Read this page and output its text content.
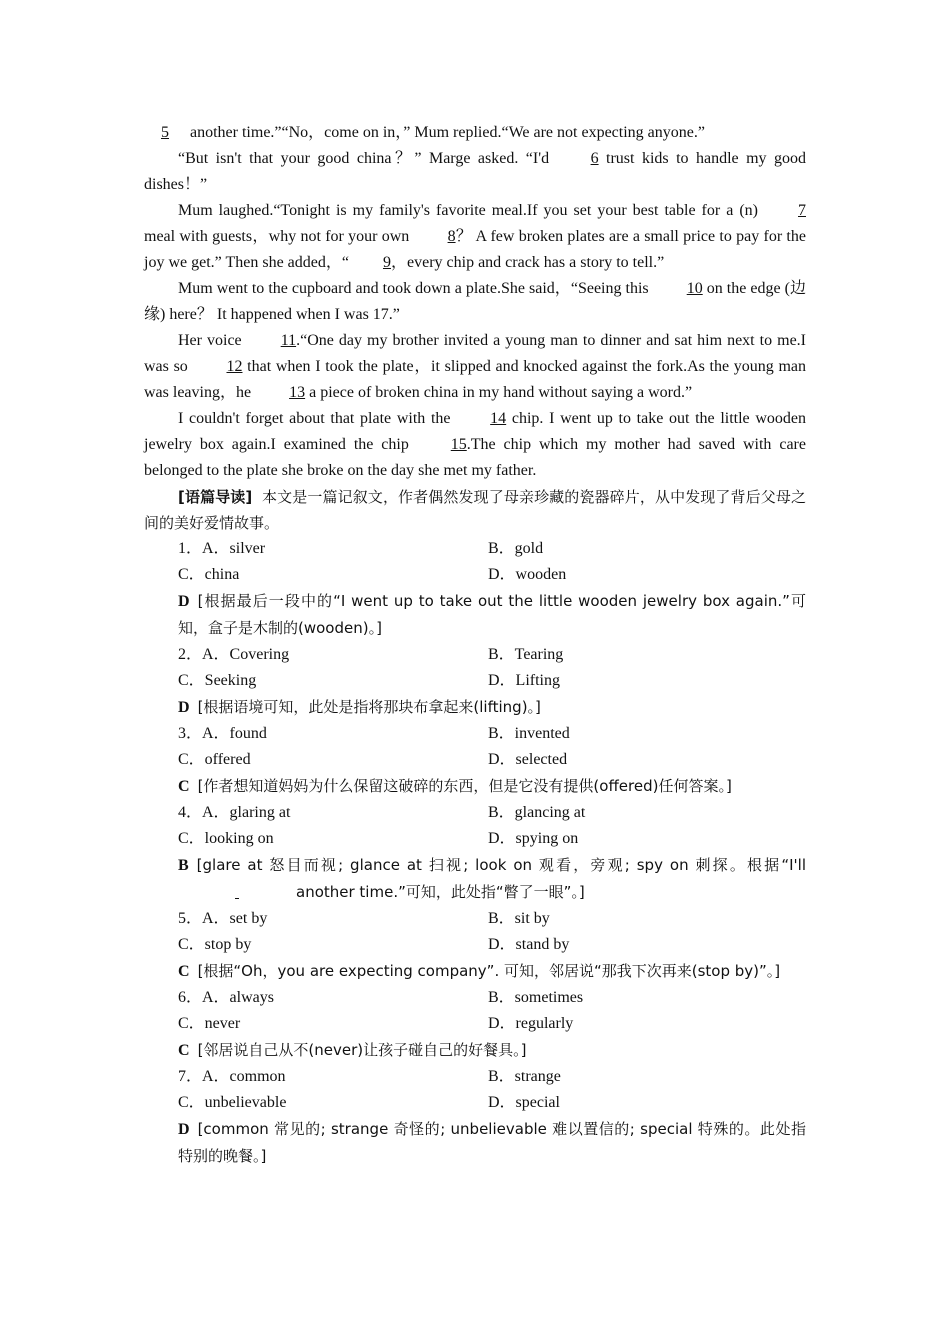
5 another time.”“No，come on in，” Mum replied.“We are not expecting anyone.”

“But isn't that your good china？” Marge asked. “I'd 6 trust kids to handle my good dishes！”

Mum laughed.“Tonight is my family's favorite meal.If you set your best table for a (n) 7 meal with guests，why not for your own 8？ A few broken plates are a small price to pay for the joy we get.” Then she added，“ 9，every chip and crack has a story to tell.”

Mum went to the cupboard and took down a plate.She said，“Seeing this 10 on the edge (边缘) here？ It happened when I was 17.”

Her voice 11.“One day my brother invited a young man to dinner and sat him next to me.I was so 12 that when I took the plate，it slipped and knocked against the fork.As the young man was leaving，he 13 a piece of broken china in my hand without saying a word.”

I couldn't forget about that plate with the 14 chip. I went up to take out the little wooden jewelry box again.I examined the chip 15.The chip which my mother had saved with care belonged to the plate she broke on the day she met my father.

[语篇导读] 本文是一篇记叙文，作者偶然发现了母亲珍藏的瓷器碎片，从中发现了背后父母之间的美好爱情故事。

1．A．silver	B．gold
C．china	D．wooden

D [根据最后一段中的“I went up to take out the little wooden jewelry box again.”可知，盒子是木制的(wooden)。]

2．A．Covering	B．Tearing
C．Seeking	D．Lifting

D [根据语境可知，此处是指将那块布拿起来(lifting)。]

3．A．found	B．invented
C．offered	D．selected

C [作者想知道妈妈为什么保留这破碎的东西，但是它没有提供(offered)任何答案。]

4．A．glaring at	B．glancing at
C．looking on	D．spying on

B [glare at 怒目而视; glance at 扫视; look on 观看，旁观; spy on 刺探。根据“I'll  another time.”可知，此处指“瞥了一眼”。]

5．A．set by	B．sit by
C．stop by	D．stand by

C [根据“Oh，you are expecting company”. 可知，邻居说“那我下次再来(stop by)”。]

6．A．always	B．sometimes
C．never	D．regularly

C [邻居说自己从不(never)让孩子碰自己的好餐具。]

7．A．common	B．strange
C．unbelievable	D．special

D [common 常见的; strange 奇怪的; unbelievable 难以置信的; special 特殊的。此处指特别的晚餐。]
